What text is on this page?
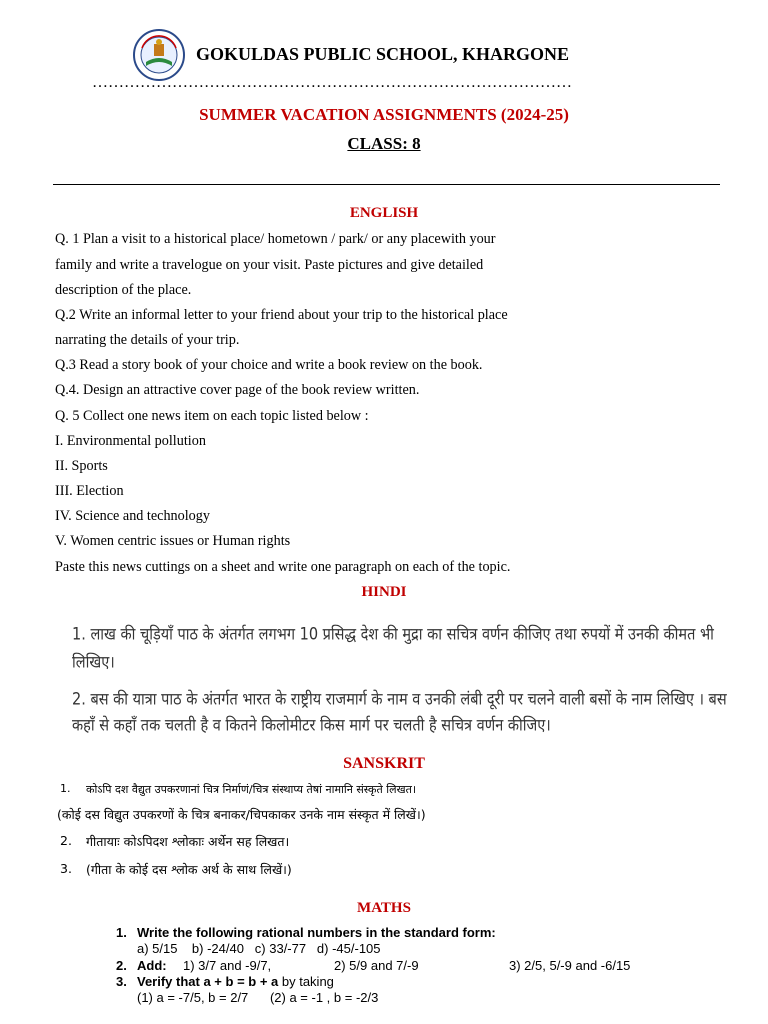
GOKULDAS PUBLIC SCHOOL, KHARGONE
………………………………………………………………………………
SUMMER VACATION ASSIGNMENTS (2024-25)
CLASS: 8
ENGLISH
Q. 1 Plan a visit to a historical place/ hometown / park/ or any placewith your
family and write a travelogue on your visit. Paste pictures and give detailed
description of the place.
Q.2 Write an informal letter to your friend about your trip to the historical place
narrating the details of your trip.
Q.3 Read a story book of your choice and write a book review on the book.
Q.4. Design an attractive cover page of the book review written.
Q. 5 Collect one news item on each topic listed below :
I. Environmental pollution
II. Sports
III. Election
IV. Science and technology
V. Women centric issues or Human rights
Paste this news cuttings on a sheet and write one paragraph on each of the topic.
HINDI
1. लाख की चूड़ियाँ पाठ के अंतर्गत लगभग 10 प्रसिद्ध देश की मुद्रा का सचित्र वर्णन कीजिए तथा रुपयों में उनकी कीमत भी
लिखिए।
2. बस की यात्रा पाठ के अंतर्गत भारत के राष्ट्रीय राजमार्ग के नाम व उनकी लंबी दूरी पर चलने वाली बसों के नाम लिखिए । बस
कहाँ से कहाँ तक चलती है व कितने किलोमीटर किस मार्ग पर चलती है सचित्र वर्णन कीजिए।
SANSKRIT
1. कोऽपि दश वैद्युत उपकरणानां चित्र निर्माणं/चित्र संस्थाप्य तेषां नामानि संस्कृते लिखत।
(कोई दस विद्युत उपकरणों के चित्र बनाकर/चिपकाकर उनके नाम संस्कृत में लिखें।)
2. गीतायाः कोऽपिदश श्लोकाः अर्थेन सह लिखत।
3. (गीता के कोई दस श्लोक अर्थ के साथ लिखें।)
MATHS
1. Write the following rational numbers in the standard form:
a) 5/15    b) -24/40   c) 33/-77   d) -45/-105
2. Add: 1) 3/7 and -9/7,	2) 5/9 and 7/-9	3) 2/5, 5/-9 and -6/15
3. Verify that a + b = b + a by taking
(1) a = -7/5, b = 2/7      (2) a = -1 , b = -2/3
